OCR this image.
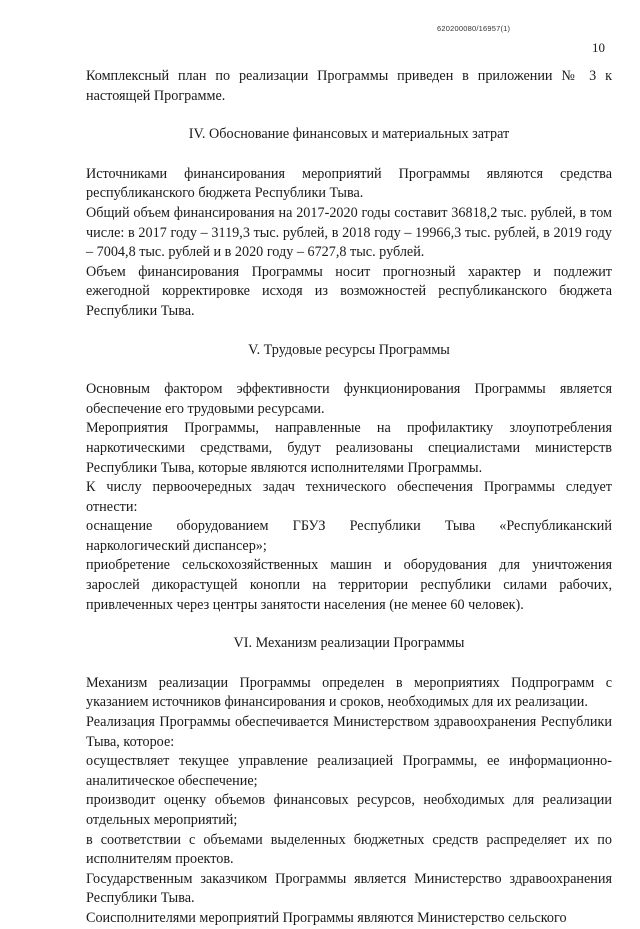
620200080/16957(1)
10

Комплексный план по реализации Программы приведен в приложении № 3 к настоящей Программе.

IV. Обоснование финансовых и материальных затрат

Источниками финансирования мероприятий Программы являются средства республиканского бюджета Республики Тыва.

Общий объем финансирования на 2017-2020 годы составит 36818,2 тыс. рублей, в том числе: в 2017 году – 3119,3 тыс. рублей, в 2018 году – 19966,3 тыс. рублей, в 2019 году – 7004,8 тыс. рублей и в 2020 году – 6727,8 тыс. рублей.

Объем финансирования Программы носит прогнозный характер и подлежит ежегодной корректировке исходя из возможностей республиканского бюджета Республики Тыва.

V. Трудовые ресурсы Программы

Основным фактором эффективности функционирования Программы является обеспечение его трудовыми ресурсами.

Мероприятия Программы, направленные на профилактику злоупотребления наркотическими средствами, будут реализованы специалистами министерств Республики Тыва, которые являются исполнителями Программы.

К числу первоочередных задач технического обеспечения Программы следует отнести:

оснащение оборудованием ГБУЗ Республики Тыва «Республиканский наркологический диспансер»;

приобретение сельскохозяйственных машин и оборудования для уничтожения зарослей дикорастущей конопли на территории республики силами рабочих, привлеченных через центры занятости населения (не менее 60 человек).

VI. Механизм реализации Программы

Механизм реализации Программы определен в мероприятиях Подпрограмм с указанием источников финансирования и сроков, необходимых для их реализации.

Реализация Программы обеспечивается Министерством здравоохранения Республики Тыва, которое:

осуществляет текущее управление реализацией Программы, ее информационно-аналитическое обеспечение;

производит оценку объемов финансовых ресурсов, необходимых для реализации отдельных мероприятий;

в соответствии с объемами выделенных бюджетных средств распределяет их по исполнителям проектов.

Государственным заказчиком Программы является Министерство здравоохранения Республики Тыва.

Соисполнителями мероприятий Программы являются Министерство сельского
